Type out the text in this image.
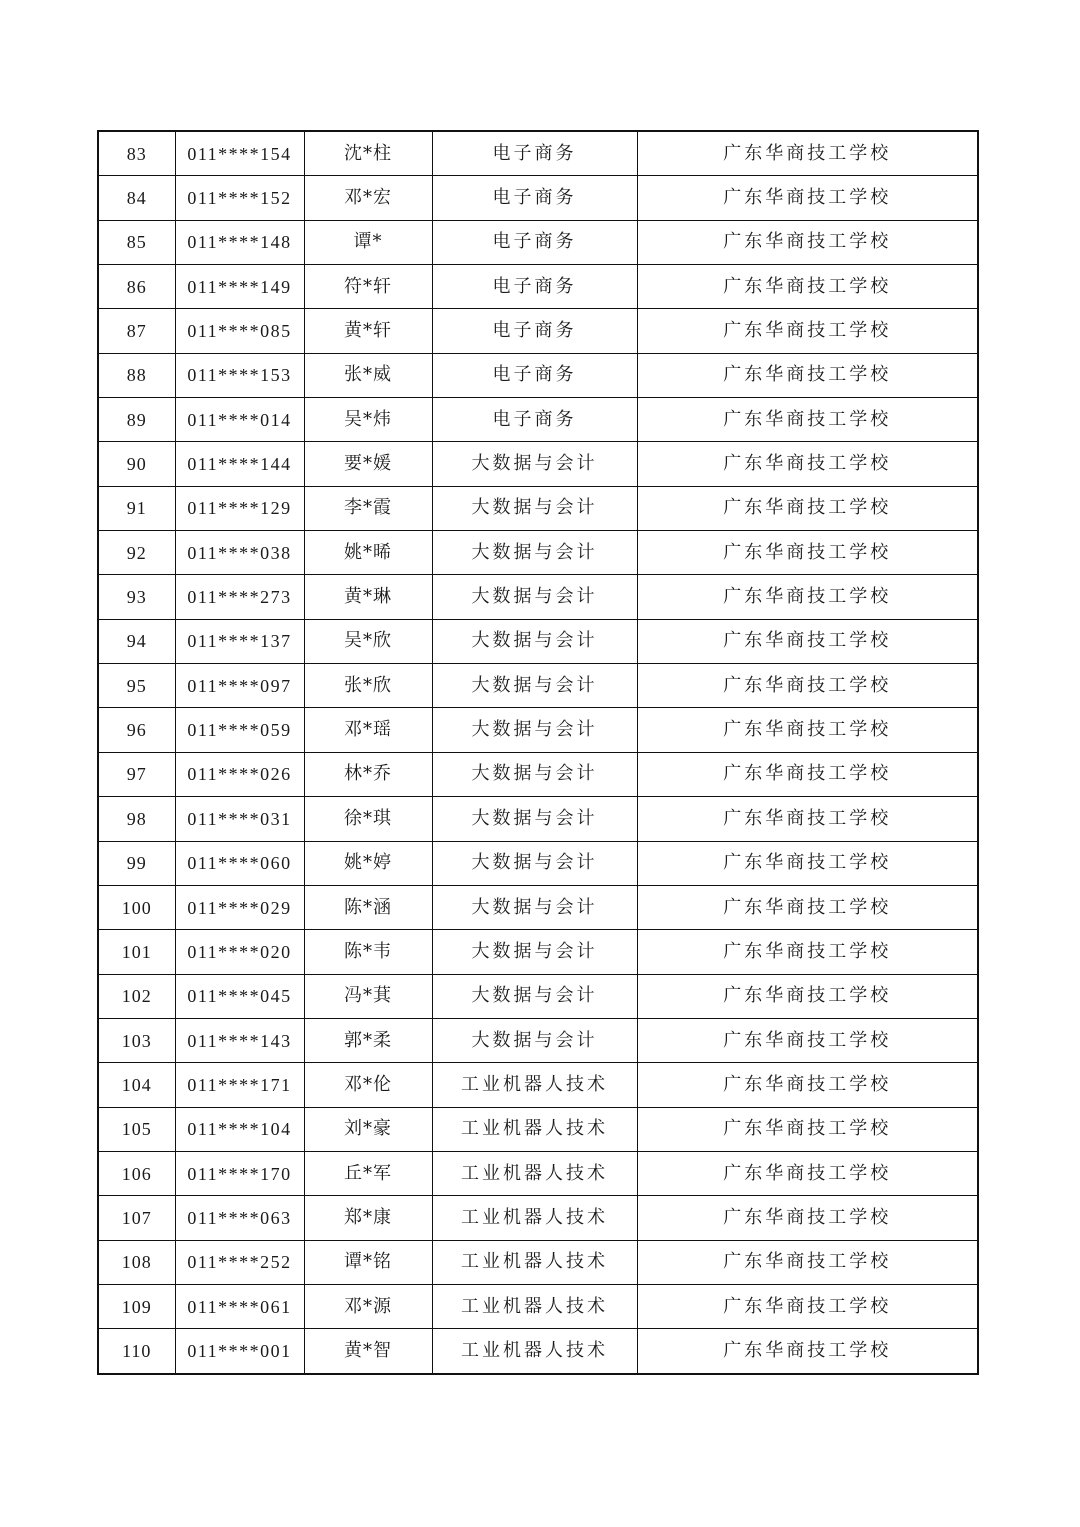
83	011****154	沈*柱	电子商务	广东华商技工学校
84	011****152	邓*宏	电子商务	广东华商技工学校
85	011****148	谭*	电子商务	广东华商技工学校
86	011****149	符*轩	电子商务	广东华商技工学校
87	011****085	黄*轩	电子商务	广东华商技工学校
88	011****153	张*威	电子商务	广东华商技工学校
89	011****014	吴*炜	电子商务	广东华商技工学校
90	011****144	要*媛	大数据与会计	广东华商技工学校
91	011****129	李*霞	大数据与会计	广东华商技工学校
92	011****038	姚*晞	大数据与会计	广东华商技工学校
93	011****273	黄*琳	大数据与会计	广东华商技工学校
94	011****137	吴*欣	大数据与会计	广东华商技工学校
95	011****097	张*欣	大数据与会计	广东华商技工学校
96	011****059	邓*瑶	大数据与会计	广东华商技工学校
97	011****026	林*乔	大数据与会计	广东华商技工学校
98	011****031	徐*琪	大数据与会计	广东华商技工学校
99	011****060	姚*婷	大数据与会计	广东华商技工学校
100	011****029	陈*涵	大数据与会计	广东华商技工学校
101	011****020	陈*韦	大数据与会计	广东华商技工学校
102	011****045	冯*萁	大数据与会计	广东华商技工学校
103	011****143	郭*柔	大数据与会计	广东华商技工学校
104	011****171	邓*伦	工业机器人技术	广东华商技工学校
105	011****104	刘*豪	工业机器人技术	广东华商技工学校
106	011****170	丘*军	工业机器人技术	广东华商技工学校
107	011****063	郑*康	工业机器人技术	广东华商技工学校
108	011****252	谭*铭	工业机器人技术	广东华商技工学校
109	011****061	邓*源	工业机器人技术	广东华商技工学校
110	011****001	黄*智	工业机器人技术	广东华商技工学校
